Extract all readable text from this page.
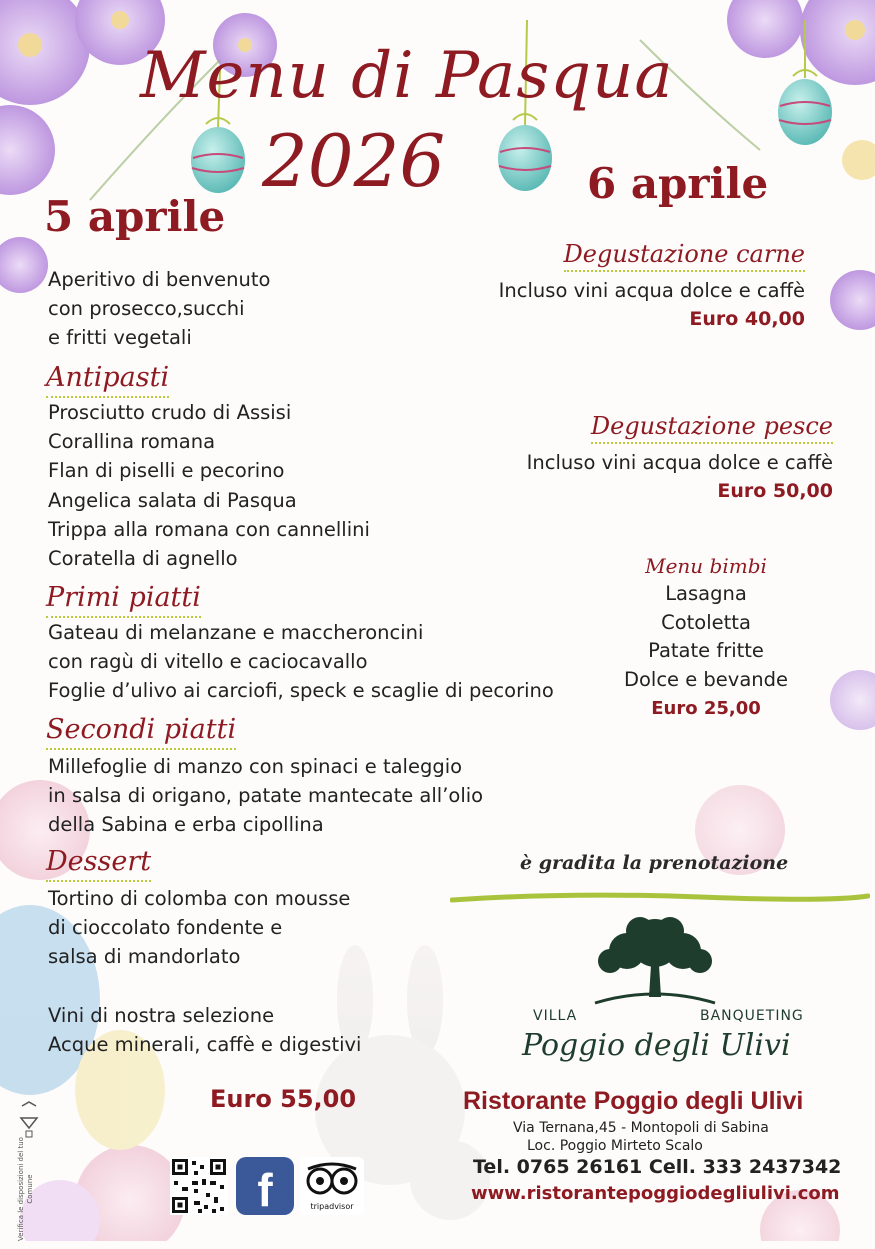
Menu di Pasqua
2026
5 aprile
Aperitivo di benvenuto
con prosecco,succhi
e fritti vegetali
Antipasti
Prosciutto crudo di Assisi
Corallina romana
Flan di piselli e pecorino
Angelica salata di Pasqua
Trippa alla romana con cannellini
Coratella di agnello
Primi piatti
Gateau di melanzane e maccheroncini
con ragù di vitello e caciocavallo
Foglie d’ulivo ai carciofi, speck e scaglie di pecorino
Secondi piatti
Millefoglie di manzo con spinaci e taleggio
in salsa di origano, patate mantecate all’olio
della Sabina e erba cipollina
Dessert
Tortino di colomba con mousse
di cioccolato fondente e
salsa di mandorlato
Vini di nostra selezione
Acque minerali, caffè e digestivi
Euro 55,00
6 aprile
Degustazione carne
Incluso vini acqua dolce e caffè
Euro 40,00
Degustazione pesce
Incluso vini acqua dolce e caffè
Euro 50,00
Menu bimbi
Lasagna
Cotoletta
Patate fritte
Dolce e bevande
Euro 25,00
è gradita la prenotazione
VILLA	BANQUETING
Poggio degli Ulivi
Ristorante Poggio degli Ulivi
Via Ternana,45 - Montopoli di Sabina
Loc. Poggio Mirteto Scalo
Tel. 0765 26161 Cell. 333 2437342
www.ristorantepoggiodegliulivi.com
f	tripadvisor
Verifica le disposizioni del tuo Comune
